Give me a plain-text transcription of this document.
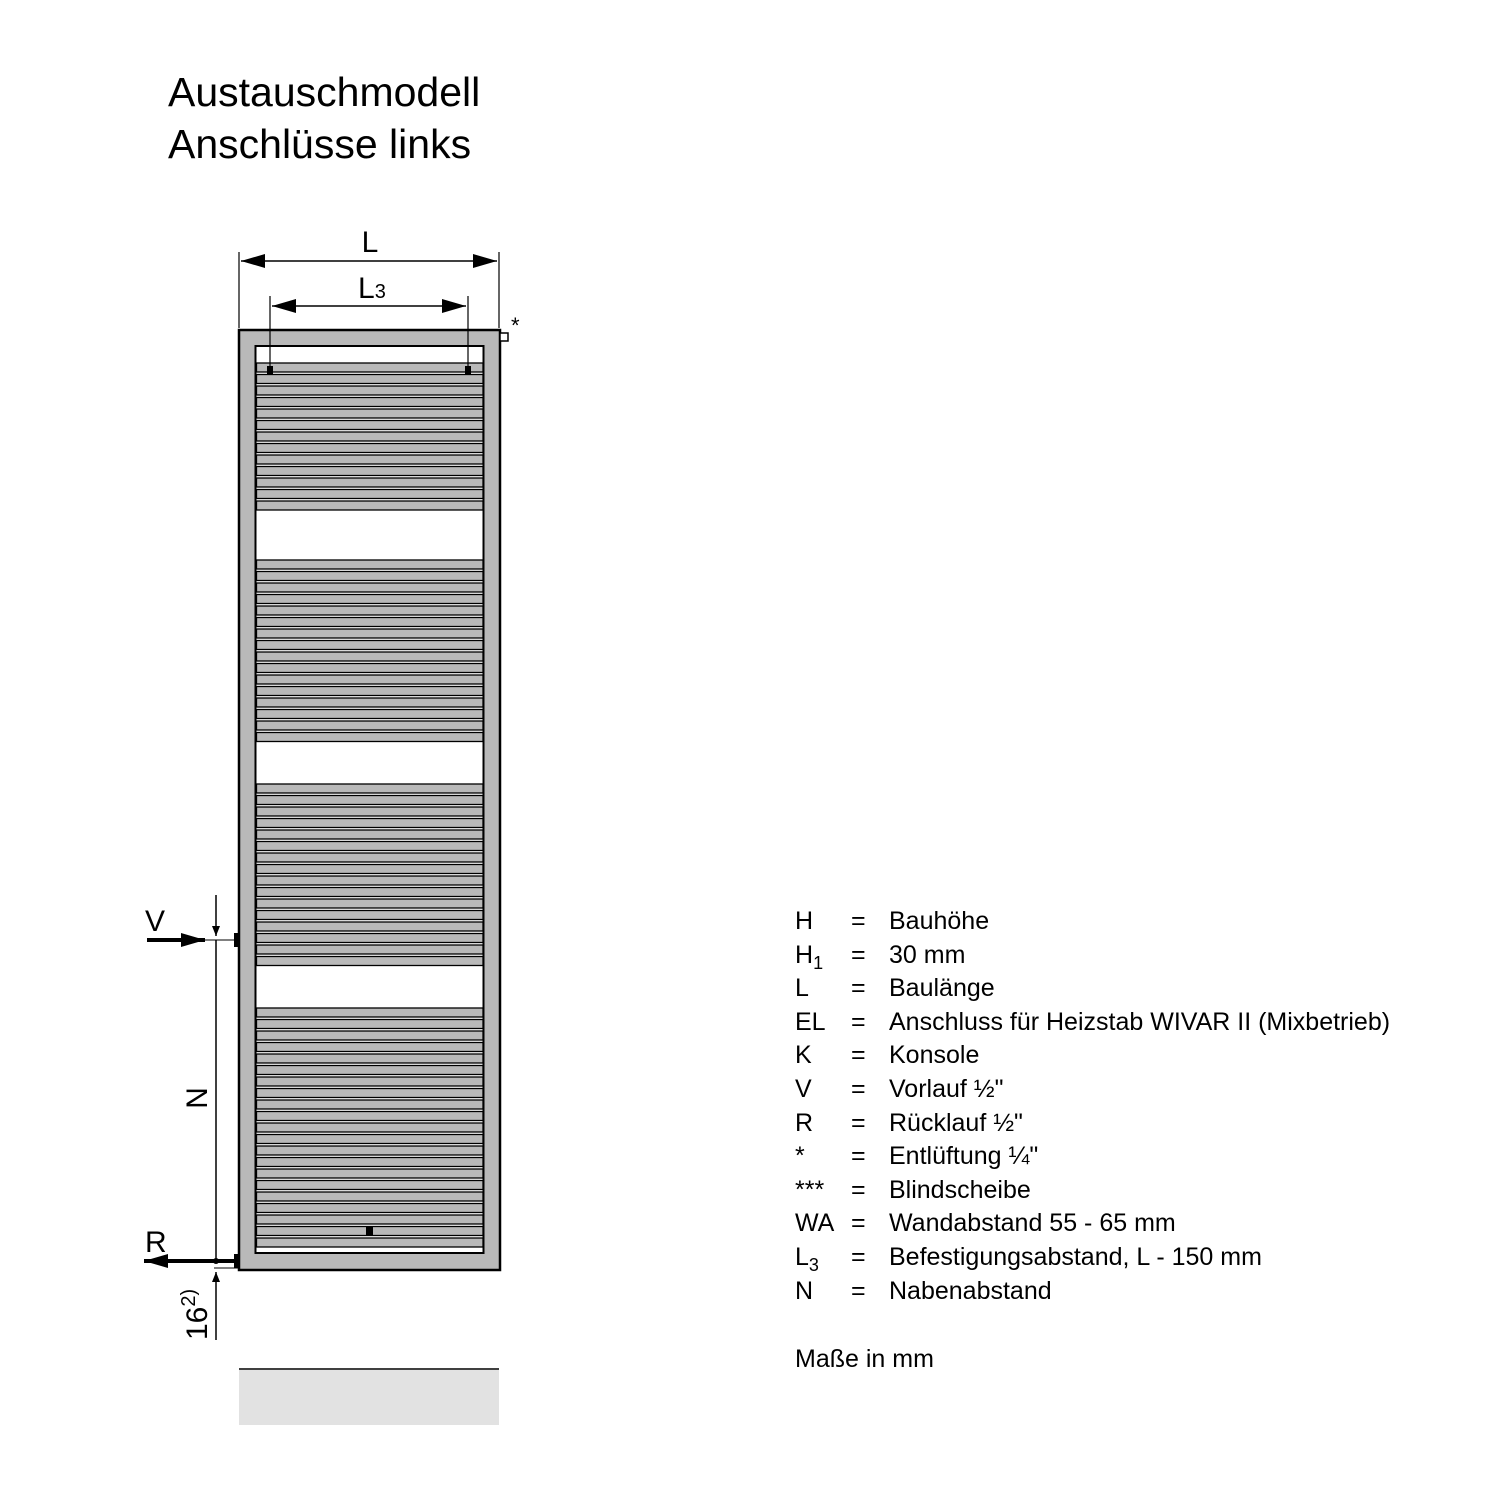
Austauschmodell
Anschlüsse links
*
L
L3
V
R
N
16$^{2)}$
H	= Bauhöhe
$H_1$	= 30 mm
L	= Baulänge
EL	= Anschluss für Heizstab WIVAR II (Mixbetrieb)
K	= Konsole
V	= Vorlauf ½"
R	= Rücklauf ½"
*	= Entlüftung ¼"
***	= Blindscheibe
WA = Wandabstand 55 - 65 mm
$L_3$	= Befestigungsabstand, L - 150 mm
N	= Nabenabstand
Maße in mm
